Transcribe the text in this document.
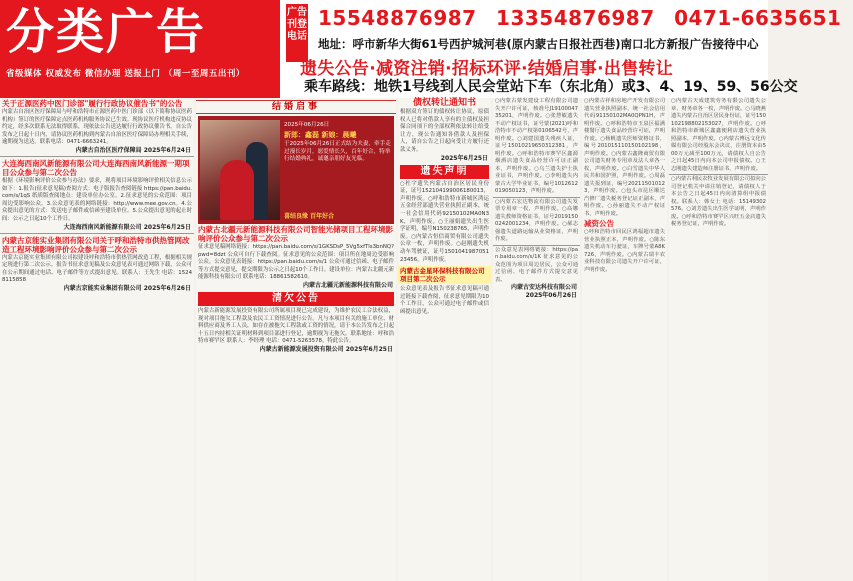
分类广告
省级媒体 权威发布 微信办理 送报上门 （周一至周五出刊）
广告刊登电话
15548876987 13354876987 0471-6635651
地址：呼市新华大街61号西护城河巷(原内蒙古日报社西巷)南口北方新报广告接待中心
遗失公告·减资注销·招标环评·结婚启事·出售转让
乘车路线：地铁1号线到人民会堂站下车（东北角）或3、4、19、59、56公交
关于正源医药中医门诊部"履行行政协议催告书"的公告
内蒙古自治区医疗保障局与呼和浩特市正源医药中医门诊部（以下简称协议医药机构）签订的医疗保障定点医药机构服务协议已生效。现协议医疗机构违反协议约定，经多次联系无法取得联系，现依法公告送达履行行政协议催告书。自公告发布之日起十日内，请协议医药机构到内蒙古自治区医疗保障局办理相关手续，逾期视为送达。联系电话：0471-6663241。
内蒙古自治区医疗保障局 2025年6月24日
大连海西南风新能源有限公司大连海西南风新能源一期项目公众参与第二次公告
根据《环境影响评价公众参与办法》要求，现将项目环境影响评价相关信息公示如下：1.报告(征求意见稿)查阅方式：电子版报告查阅链接 https://pan.baidu.com/s/1qS 纸质版查阅地点：建设单位办公室。2.征求意见的公众范围：项目周边受影响公众。3.公众意见表的网络链接：http://www.mee.gov.cn。4.公众提出意见的方式：发送电子邮件或信函至建设单位。5.公众提出意见的起止时间：公示之日起10个工作日。
大连海西南风新能源有限公司 2025年6月25日
内蒙古京能实业集团有限公司关于呼和浩特市供热管网改造工程环境影响评价公众参与第二次公示
内蒙古京能实业集团有限公司拟建设呼和浩特市供热管网改造工程，根据相关规定现进行第二次公示。报告书征求意见稿及公众意见表可通过网络下载，公众可在公示期间通过电话、电子邮件等方式提出意见。联系人：王先生 电话：15248115858
内蒙古京能实业集团有限公司 2025年6月26日
结婚启事
2025年06月26日
新郎：鑫磊 新娘：晨曦
于2025年06月26日正式结为夫妻，牵手走过漫长岁月，愿爱情长久，百年好合，特举行结婚典礼，诚邀亲朋好友光临。
喜结良缘 百年好合
内蒙古北疆元新能源科技有限公司智能光储项目工程环境影响评价公众参与第二次公示
征求意见稿网络链接：https://pan.baidu.com/s/1GKSDsP_5Vg5xfTls3bnNQ?pwd=8dzt 公众可自行下载查阅。征求意见的公众范围：项目所在地周边受影响公众。公众意见表链接：https://pan.baidu.com/s/1 公众可通过信函、电子邮件等方式提交意见，提交期限为公示之日起10个工作日。建设单位：内蒙古北疆元新能源科技有限公司 联系电话：18861582610。
内蒙古北疆元新能源科技有限公司
清欠公告
内蒙古新能源发展投资有限公司所属项目现已完成建设，为维护农民工合法权益，现对项目拖欠工程款及农民工工资情况进行公告。凡与本项目有关的施工单位、材料供应商及务工人员，如存在被拖欠工程款或工资的情况，请于本公告发布之日起十五日内持相关证明材料到项目部进行登记，逾期视为无拖欠。联系地址：呼和浩特市赛罕区 联系人：李经理 电话：0471-5263578。特此公告。
内蒙古新能源发展投资有限公司 2025年6月25日
债权转让通知书
根据双方签订的债权转让协议，原债权人已将对借款人享有的主债权及担保合同项下的全部权利依法转让给受让方，现公告通知各借款人及担保人，请自公告之日起向受让方履行还款义务。
2025年6月25日
遗失声明
○杜宇遗失内蒙古自治区居民身份证，证号152104199006180013，声明作废。○呼和浩特市新城区鸿运五金经营部遗失营业执照正副本，统一社会信用代码92150102MA0N3K，声明作废。○王丽娟遗失出生医学证明，编号N150238765，声明作废。○内蒙古恒信商贸有限公司遗失公章一枚，声明作废。○赵刚遗失机动车驾驶证，证号150104198705123456，声明作废。
内蒙古金星环保科技有限公司项目第二次公示
公众意见表及报告书征求意见稿可通过链接下载查阅，征求意见期限为10个工作日，公众可通过电子邮件或信函提出意见。
○内蒙古蒙发建设工程有限公司遗失开户许可证，核准号J1910004735201，声明作废。○张慧敏遗失不动产权证书，证号蒙(2021)呼和浩特市不动产权第0106542号，声明作废。○刘建国遗失残疾人证，证号15010219650312381，声明作废。○呼和浩特市赛罕区鑫源烟酒店遗失食品经营许可证正副本，声明作废。○乌兰遗失护士执业证书，声明作废。○李明遗失内蒙古大学毕业证书，编号1012612019050123，声明作废。
○内蒙古宏达物流有限公司遗失发票专用章一枚，声明作废。○高娜遗失教师资格证书，证号20191500242001234，声明作废。○郝志强遗失道路运输从业资格证，声明作废。
公众意见表网络链接：https://pan.baidu.com/s/1K 征求意见的公众范围为项目周边居民，公众可通过信函、电子邮件方式提交意见表。
内蒙古安达科技有限公司 2025年06月26日
○内蒙古祥和房地产开发有限公司遗失营业执照副本，统一社会信用代码91150102MA0QPN1H，声明作废。○呼和浩特市玉泉区福满楼餐厅遗失食品经营许可证，声明作废。○杨帆遗失医师资格证书，编号201015110150102198，声明作废。○内蒙古鑫隆商贸有限公司遗失财务专用章及法人章各一枚，声明作废。○白雪遗失中华人民共和国护照，声明作废。○周磊遗失报到证，编号202115010123，声明作废。○包头市昆区顺达汽修厂遗失税务登记证正副本，声明作废。○孙丽遗失不动产权证书，声明作废。
减资公告
○呼和浩特市回民区鸿福超市遗失营业执照正本，声明作废。○陈东遗失机动车行驶证，车牌号蒙A8K726，声明作废。○内蒙古瑞丰农业科技有限公司遗失开户许可证，声明作废。
○内蒙古天成建筑劳务有限公司遗失公章、财务章各一枚，声明作废。○马晓燕遗失内蒙古自治区居民身份证，证号150102198802153027，声明作废。○呼和浩特市新城区鑫鑫便利店遗失营业执照副本，声明作废。○内蒙古博远文化传媒有限公司经股东会决议，注册资本由500万元减至100万元，请债权人自公告之日起45日内向本公司申报债权。○王志刚遗失建造师注册证书，声明作废。
○内蒙古利民农牧业发展有限公司拟向公司登记机关申请注销登记，请债权人于本公告之日起45日内向清算组申报债权。联系人：韩女士 电话：15149302576。○刘芳遗失出生医学证明，声明作废。○呼和浩特市赛罕区兴旺五金店遗失税务登记证，声明作废。
